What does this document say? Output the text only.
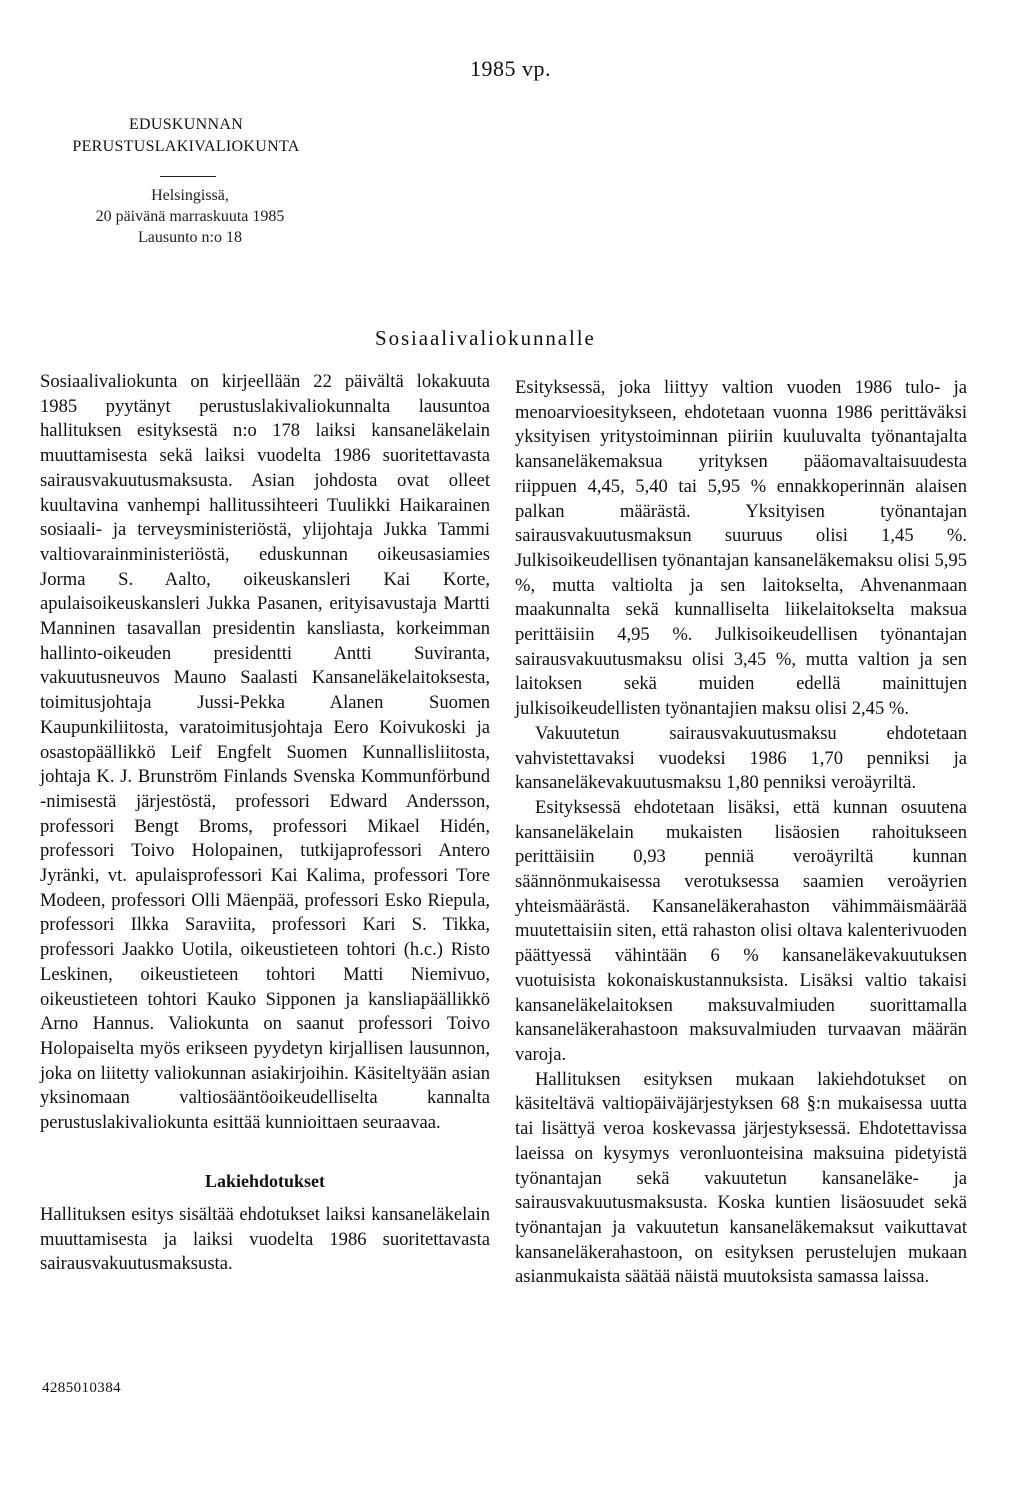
1985 vp.
EDUSKUNNAN
PERUSTUSLAKIVALIOKUNTA
Helsingissä,
20 päivänä marraskuuta 1985
Lausunto n:o 18
Sosiaalivaliokunnalle

Sosiaalivaliokunta on kirjeellään 22 päivältä lokakuuta 1985 pyytänyt perustuslakivaliokunnalta lausuntoa hallituksen esityksestä n:o 178 laiksi kansaneläkelain muuttamisesta sekä laiksi vuodelta 1986 suoritettavasta sairausvakuutusmaksusta. Asian johdosta ovat olleet kuultavina vanhempi hallitussihteeri Tuulikki Haikarainen sosiaali- ja terveysministeriöstä, ylijohtaja Jukka Tammi valtiovarainministeriöstä, eduskunnan oikeusasiamies Jorma S. Aalto, oikeuskansleri Kai Korte, apulaisoikeuskansleri Jukka Pasanen, erityisavustaja Martti Manninen tasavallan presidentin kansliasta, korkeimman hallinto-oikeuden presidentti Antti Suviranta, vakuutusneuvos Mauno Saalasti Kansaneläkelaitoksesta, toimitusjohtaja Jussi-Pekka Alanen Suomen Kaupunkiliitosta, varatoimitusjohtaja Eero Koivukoski ja osastopäällikkö Leif Engfelt Suomen Kunnallisliitosta, johtaja K. J. Brunström Finlands Svenska Kommunförbund -nimisestä järjestöstä, professori Edward Andersson, professori Bengt Broms, professori Mikael Hidén, professori Toivo Holopainen, tutkijaprofessori Antero Jyränki, vt. apulaisprofessori Kai Kalima, professori Tore Modeen, professori Olli Mäenpää, professori Esko Riepula, professori Ilkka Saraviita, professori Kari S. Tikka, professori Jaakko Uotila, oikeustieteen tohtori (h.c.) Risto Leskinen, oikeustieteen tohtori Matti Niemivuo, oikeustieteen tohtori Kauko Sipponen ja kansliapäällikkö Arno Hannus. Valiokunta on saanut professori Toivo Holopaiselta myös erikseen pyydetyn kirjallisen lausunnon, joka on liitetty valiokunnan asiakirjoihin. Käsiteltyään asian yksinomaan valtiosääntöoikeudelliselta kannalta perustuslakivaliokunta esittää kunnioittaen seuraavaa.

Lakiehdotukset

Hallituksen esitys sisältää ehdotukset laiksi kansaneläkelain muuttamisesta ja laiksi vuodelta 1986 suoritettavasta sairausvakuutusmaksusta.

Esityksessä, joka liittyy valtion vuoden 1986 tulo- ja menoarvioesitykseen, ehdotetaan vuonna 1986 perittäväksi yksityisen yritystoiminnan piiriin kuuluvalta työnantajalta kansaneläkemaksua yrityksen pääomavaltaisuudesta riippuen 4,45, 5,40 tai 5,95 % ennakkoperinnän alaisen palkan määrästä. Yksityisen työnantajan sairausvakuutusmaksun suuruus olisi 1,45 %. Julkisoikeudellisen työnantajan kansaneläkemaksu olisi 5,95 %, mutta valtiolta ja sen laitokselta, Ahvenanmaan maakunnalta sekä kunnalliselta liikelaitokselta maksua perittäisiin 4,95 %. Julkisoikeudellisen työnantajan sairausvakuutusmaksu olisi 3,45 %, mutta valtion ja sen laitoksen sekä muiden edellä mainittujen julkisoikeudellisten työnantajien maksu olisi 2,45 %.

Vakuutetun sairausvakuutusmaksu ehdotetaan vahvistettavaksi vuodeksi 1986 1,70 penniksi ja kansaneläkevakuutusmaksu 1,80 penniksi veroäyriltä.

Esityksessä ehdotetaan lisäksi, että kunnan osuutena kansaneläkelain mukaisten lisäosien rahoitukseen perittäisiin 0,93 penniä veroäyriltä kunnan säännönmukaisessa verotuksessa saamien veroäyrien yhteismäärästä. Kansaneläkerahaston vähimmäismäärää muutettaisiin siten, että rahaston olisi oltava kalenterivuoden päättyessä vähintään 6 % kansaneläkevakuutuksen vuotuisista kokonaiskustannuksista. Lisäksi valtio takaisi kansaneläkelaitoksen maksuvalmiuden suorittamalla kansaneläkerahastoon maksuvalmiuden turvaavan määrän varoja.

Hallituksen esityksen mukaan lakiehdotukset on käsiteltävä valtiopäiväjärjestyksen 68 §:n mukaisessa uutta tai lisättyä veroa koskevassa järjestyksessä. Ehdotettavissa laeissa on kysymys veronluonteisina maksuina pidetyistä työnantajan sekä vakuutetun kansaneläke- ja sairausvakuutusmaksusta. Koska kuntien lisäosuudet sekä työnantajan ja vakuutetun kansaneläkemaksut vaikuttavat kansaneläkerahastoon, on esityksen perustelujen mukaan asianmukaista säätää näistä muutoksista samassa laissa.

4285010384
